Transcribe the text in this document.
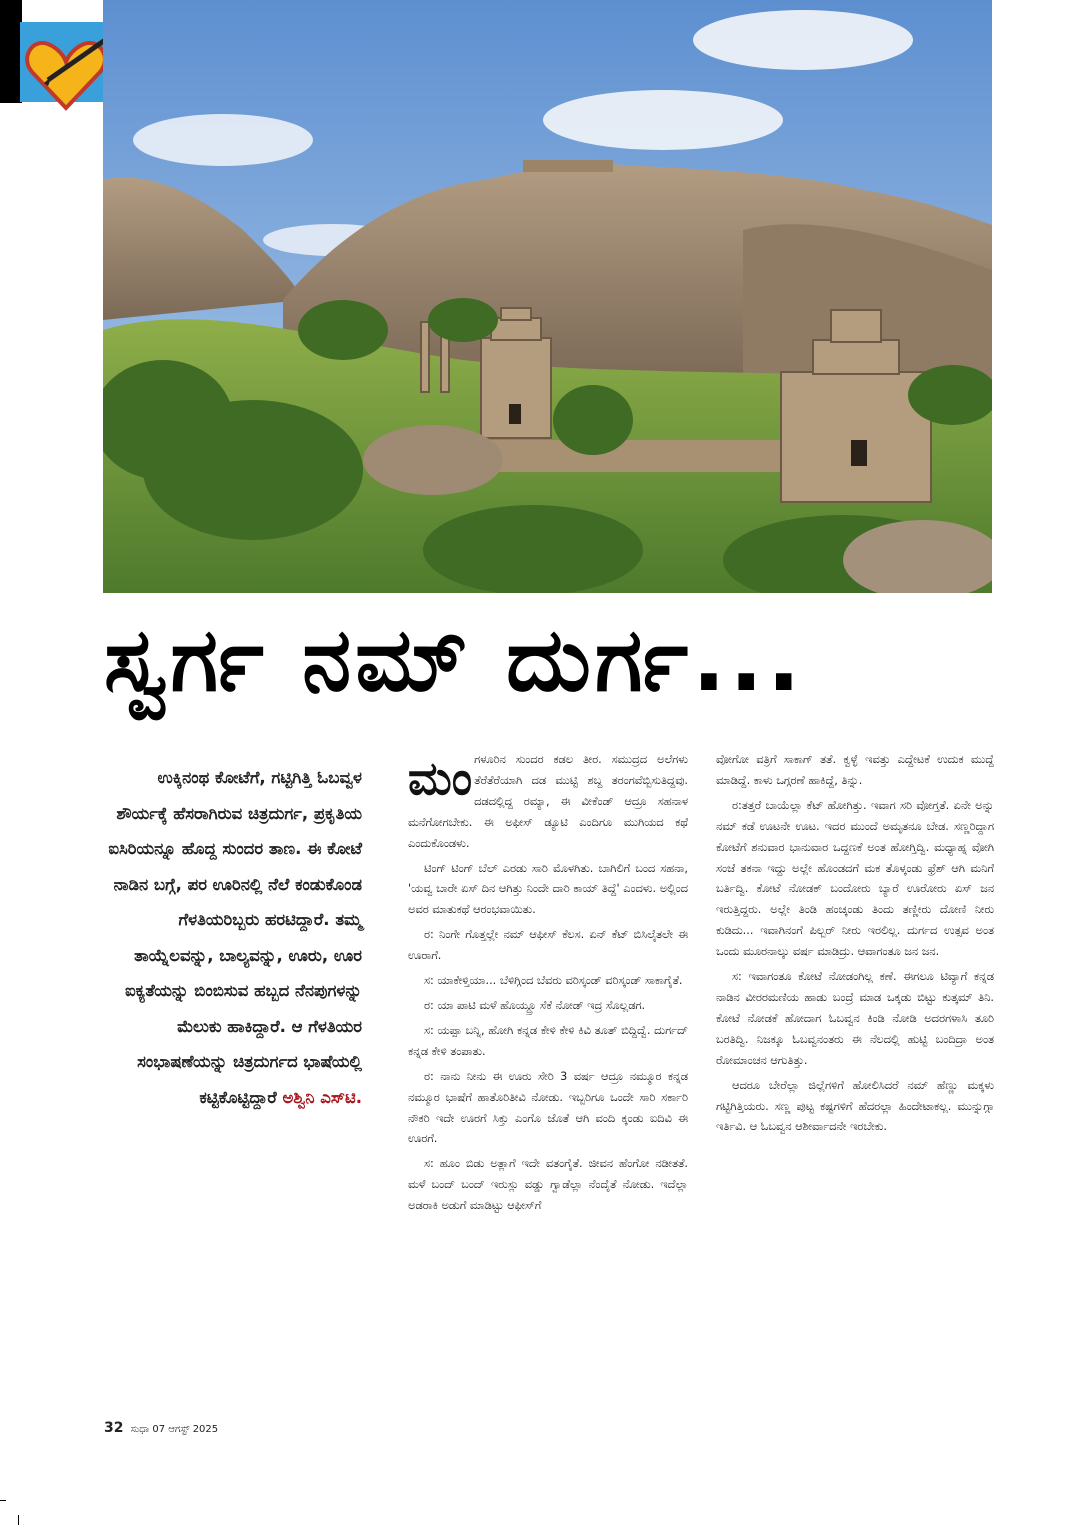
ಸ್ವರ್ಗ ನಮ್ ದುರ್ಗ...
ಉಕ್ಕಿನಂಥ ಕೋಟೆಗೆ, ಗಟ್ಟಿಗಿತ್ತಿ ಓಬವ್ವಳ ಶೌರ್ಯಕ್ಕೆ ಹೆಸರಾಗಿರುವ ಚಿತ್ರದುರ್ಗ, ಪ್ರಕೃತಿಯ ಐಸಿರಿಯನ್ನೂ ಹೊದ್ದ ಸುಂದರ ತಾಣ. ಈ ಕೋಟೆ ನಾಡಿನ ಬಗ್ಗೆ, ಪರ ಊರಿನಲ್ಲಿ ನೆಲೆ ಕಂಡುಕೊಂಡ ಗೆಳತಿಯರಿಬ್ಬರು ಹರಟಿದ್ದಾರೆ. ತಮ್ಮ ತಾಯ್ನೆಲವನ್ನು, ಬಾಲ್ಯವನ್ನು, ಊರು, ಊರ ಐಕ್ಯತೆಯನ್ನು ಬಿಂಬಿಸುವ ಹಬ್ಬದ ನೆನಪುಗಳನ್ನು ಮೆಲುಕು ಹಾಕಿದ್ದಾರೆ. ಆ ಗೆಳತಿಯರ ಸಂಭಾಷಣೆಯನ್ನು ಚಿತ್ರದುರ್ಗದ ಭಾಷೆಯಲ್ಲಿ ಕಟ್ಟಿಕೊಟ್ಟಿದ್ದಾರೆ ಅಶ್ವಿನಿ ಎಸ್‌ಟಿ.

ಮಂಗಳೂರಿನ ಸುಂದರ ಕಡಲ ತೀರ. ಸಮುದ್ರದ ಅಲೆಗಳು ತೆರೆತೆರೆಯಾಗಿ ದಡ ಮುಟ್ಟಿ ಶಬ್ದ ತರಂಗವೆಬ್ಬಿಸುತಿದ್ದವು. ದಡದಲ್ಲಿದ್ದ ರಮ್ಯಾ, ಈ ವೀಕೆಂಡ್ ಆದ್ರೂ ಸಹನಾಳ ಮನೆಗೋಗಬೇಕು. ಈ ಅಫೀಸ್ ಡ್ಯೂಟಿ ಎಂದಿಗೂ ಮುಗಿಯದ ಕಥೆ ಎಂದುಕೊಂಡಳು.

ಟಿಂಗ್ ಟಿಂಗ್ ಬೆಲ್ ಎರಡು ಸಾರಿ ಮೊಳಗಿತು. ಬಾಗಿಲಿಗೆ ಬಂದ ಸಹನಾ, 'ಯವ್ವ ಬಾರೇ ಏಸ್ ದಿನ ಆಗಿತ್ತು ನಿಂದೇ ದಾರಿ ಕಾಯ್ ತಿದ್ದೆ' ಎಂದಳು. ಅಲ್ಲಿಂದ ಅವರ ಮಾತುಕಥೆ ಆರಂಭವಾಯಿತು.

ರ: ನಿಂಗೇ ಗೊತ್ತಲ್ಲೇ ನಮ್ ಆಫೀಸ್ ಕೆಲಸ. ಏನ್ ಕೆಟ್ ಬಿಸಿಲೈತಲೇ ಈ ಊರಾಗೆ.

ಸ: ಯಾಕೇಳ್ತಿಯಾ... ಬೆಳಿಗ್ಗಿಂದ ಬೆವರು ವರಿಸ್ಕಂಡ್ ವರಿಸ್ಕಂಡ್ ಸಾಕಾಗೈತೆ.

ರ: ಯಾ ಪಾಟಿ ಮಳೆ ಹೊಯ್ದ್ರೂ ಸೆಕೆ ನೋಡ್ ಇದ್ರ ಸೊಲ್ಲಡಗ.

ಸ: ಯಪ್ಪಾ ಬನ್ನಿ, ಹೋಗಿ ಕನ್ನಡ ಕೇಳಿ ಕೇಳಿ ಕಿವಿ ತೂತ್ ಬಿದ್ದಿದ್ವೆ. ದುರ್ಗದ್ ಕನ್ನಡ ಕೇಳಿ ತಂಪಾತು.

ರ: ನಾನು ನೀನು ಈ ಊರು ಸೇರಿ 3 ವರ್ಷ ಆದ್ರೂ ನಮ್ಮೂರ ಕನ್ನಡ ನಮ್ಮೂರ ಭಾಷೆಗೆ ಹಾತೊರಿತೀವಿ ನೋಡು. ಇಬ್ಬರಿಗೂ ಒಂದೇ ಸಾರಿ ಸರ್ಕಾರಿ ನೌಕರಿ ಇದೇ ಊರಗೆ ಸಿಕ್ತು ಎಂಗೊ ಜೊತೆ ಆಗಿ ವಂದಿ ಕ್ಕಂಡು ಐದಿವಿ ಈ ಊರಗೆ.

ಸ: ಹೂಂ ಬಿಡು ಅತ್ಲಾಗೆ ಇದೇ ವತಂಗೈತೆ. ಜೀವನ ಹೆಂಗೋ ನಡೀತತೆ. ಮಳೆ ಬಂದ್ ಬಂದ್ ಇರುಸ್ಲು ವಡ್ಡು ಗ್ವಾಡೆಲ್ಲಾ ನೆಂದೈತೆ ನೋಡು. ಇದೆಲ್ಲಾ ಅಡರಾಕಿ ಅಡುಗೆ ಮಾಡಿಟ್ಟು ಆಫೀಸ್‌ಗೆ

ವೋಗೋ ವತ್ರಿಗೆ ಸಾಕಾಗ್ ತತೆ. ಕ್ವಳ್ಳೆ ಇವತ್ತು ಎದ್ದೇಟಕೆ ಉದುಕ ಮುದ್ದೆ ಮಾಡಿದ್ದೆ. ಕಾಳು ಒಗ್ಗರಣೆ ಹಾಕಿದ್ದೆ, ತಿನ್ನು.

ರ:ತತ್ತರೆ ಬಾಯೆಲ್ಲಾ ಕೆಟ್ ಹೋಗಿತ್ತು. ಇವಾಗ ಸರಿ ವೋಗ್ತತೆ. ಏನೇ ಅನ್ನು ನಮ್ ಕಡೆ ಊಟನೇ ಊಟ. ಇದರ ಮುಂದೆ ಅಮೃತನೂ ಬೇಡ. ಸಣ್ಣರಿದ್ದಾಗ ಕೋಟೆಗೆ ಶನುವಾರ ಭಾನುವಾರ ಒದ್ದಣಕೆ ಅಂತ ಹೋಗ್ತಿದ್ವಿ. ಮಧ್ಯಾಹ್ನ ವೋಗಿ ಸಂಜೆ ತಕನಾ ಇದ್ದು ಅಲ್ಲೇ ಹೊಂಡದಗೆ ಮಕ ತೊಳ್ಕಂಡು ಫ್ರೆಶ್ ಆಗಿ ಮನಿಗೆ ಬರ್ತಿದ್ವಿ. ಕೋಟೆ ನೋಡಕ್ ಬಂದೋರು ಬ್ಯಾರೆ ಊರೋರು ಏಸ್ ಜನ ಇರುತ್ತಿದ್ದರು. ಅಲ್ಲೇ ತಿಂಡಿ ಹಂಚ್ಕಂಡು ತಿಂದು ತಣ್ಣೀರು ದೋಣಿ ನೀರು ಕುಡಿದು... ಇವಾಗಿನಂಗೆ ಪಿಲ್ಬರ್ ನೀರು ಇರಲಿಲ್ಲ. ದುರ್ಗದ ಉತ್ಸವ ಅಂತ ಒಂದು ಮೂರನಾಲ್ಕು ವರ್ಷ ಮಾಡಿದ್ರು. ಆವಾಗಂತೂ ಜನ ಜನ.

ಸ: ಇವಾಗಂತೂ ಕೋಟೆ ನೋಡಂಗಿಲ್ಲ ಕಣೆ. ಈಗಲೂ ಟಿವ್ಯಾಗೆ ಕನ್ನಡ ನಾಡಿನ ವೀರರಮಣಿಯ ಹಾಡು ಬಂದ್ರೆ ಮಾಡ ಒಕ್ಕಡು ಬಿಟ್ಟು ಕುತ್ಕಮ್ ತಿನಿ. ಕೋಟೆ ನೋಡಕೆ ಹೋದಾಗ ಓಬವ್ವನ ಕಿಂಡಿ ನೋಡಿ ಅದರಗಳಾಸಿ ತೂರಿ ಬರತಿದ್ವಿ. ನಿಜಕ್ಕೂ ಓಬವ್ವನಂತರು ಈ ನೆಲದಲ್ಲಿ ಹುಟ್ಟಿ ಬಂದಿದ್ರಾ ಅಂತ ರೋಮಾಂಚನ ಆಗುತಿತ್ತು.

ಆದರೂ ಬೇರೆಲ್ಲಾ ಜಿಲ್ಲೆಗಳಿಗೆ ಹೋಲಿಸಿದರೆ ನಮ್ ಹೆಣ್ಣು ಮಕ್ಕಳು ಗಟ್ಟಿಗಿತ್ತಿಯರು. ಸಣ್ಣ ಪುಟ್ಟ ಕಷ್ಟಗಳಿಗೆ ಹೆದರಲ್ಲಾ ಹಿಂದೇಟಾಕಲ್ಲ. ಮುನ್ನುಗ್ಗಾ ಇರ್ತಿವಿ. ಆ ಓಬವ್ವನ ಆಶೀರ್ವಾದನೇ ಇರಬೇಕು.

32 ಸುಧಾ 07 ಆಗಸ್ಟ್ 2025
